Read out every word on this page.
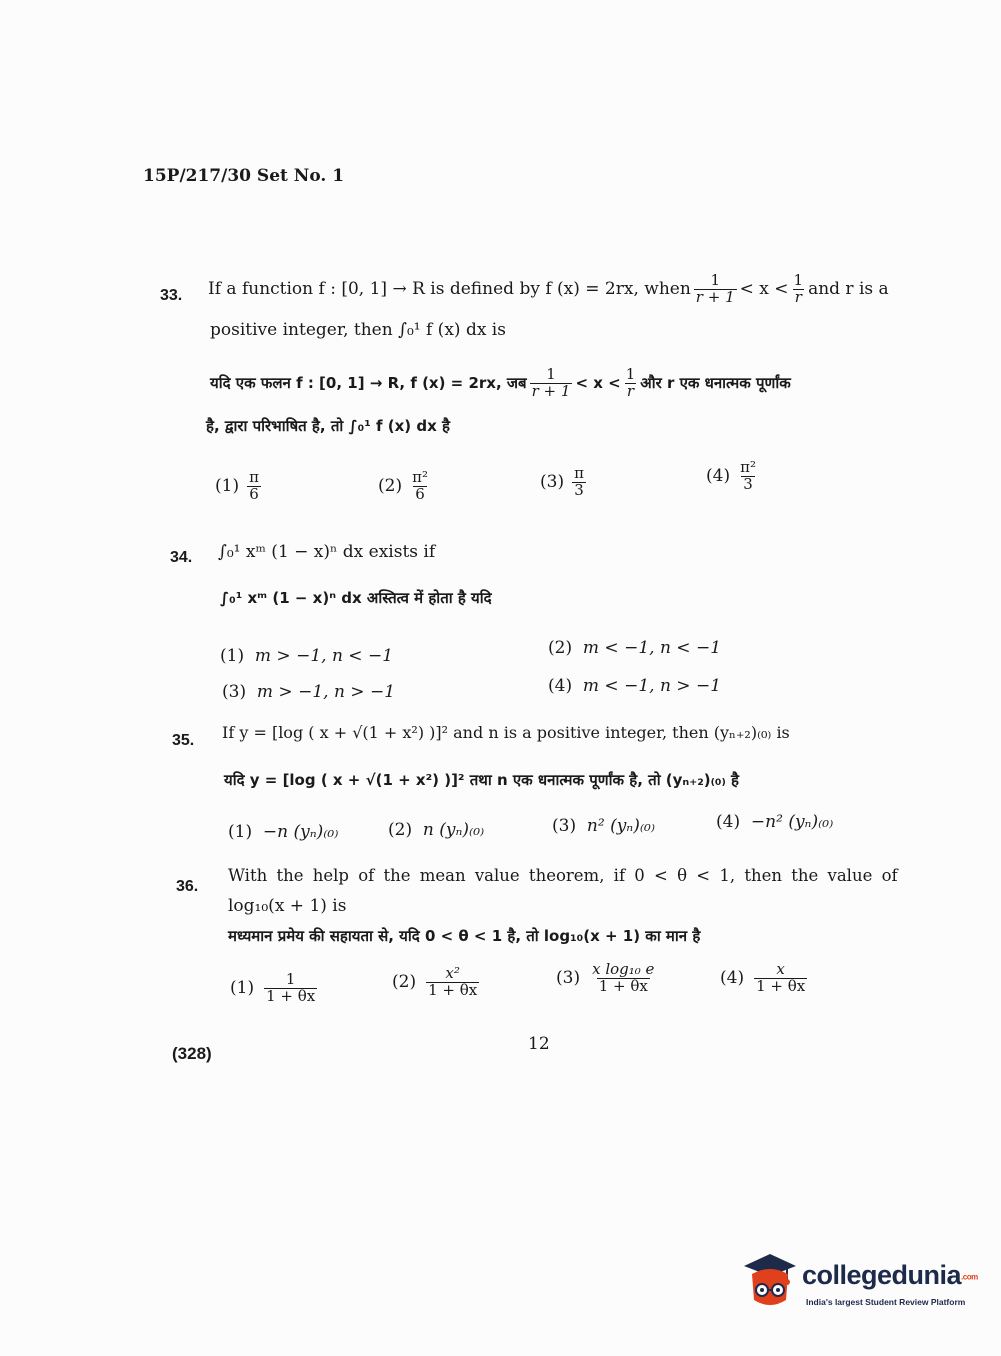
15P/217/30 Set No. 1
33. If a function f : [0, 1] → R is defined by f (x) = 2rx, when $\frac{1}{r + 1} < x < \frac{1}{r}$ and r is a
positive integer, then ∫₀¹ f (x) dx is
यदि एक फलन f : [0, 1] → R, f (x) = 2rx, जब $\frac{1}{r + 1} < x < \frac{1}{r}$ और r एक धनात्मक पूर्णांक
है, द्वारा परिभाषित है, तो ∫₀¹ f (x) dx है
$(1) \frac{\pi}{6}$	$(2) \frac{\text{π²}}{6}$	$(3) \frac{\pi}{3}$	$(4) \frac{\text{π²}}{3}$
34. ∫₀¹ xᵐ (1 − x)ⁿ dx exists if
∫₀¹ xᵐ (1 − x)ⁿ dx अस्तित्व में होता है यदि
(1) m > −1, n < −1	(2) m < −1, n < −1
(3) m > −1, n > −1	(4) m < −1, n > −1
35. If y = [log ( x + √(1 + x²) )]² and n is a positive integer, then (yₙ₊₂)₍₀₎ is
यदि y = [log ( x + √(1 + x²) )]² तथा n एक धनात्मक पूर्णांक है, तो (yₙ₊₂)₍₀₎ है
(1) −n (yₙ)₍₀₎	(2) n (yₙ)₍₀₎	(3) n² (yₙ)₍₀₎	(4) −n² (yₙ)₍₀₎
36.
With the help of the mean value theorem, if 0 < θ < 1, then the value of
log₁₀(x + 1) is
मध्यमान प्रमेय की सहायता से, यदि 0 < θ < 1 है, तो log₁₀(x + 1) का मान है
$(1) \frac{1}{1 + \theta x}$	$(2) \frac{\text{x²}}{1 + \theta x}$	$(3) \frac{\text{x log₁₀ e}}{1 + \theta x}$	$(4) \frac{x}{1 + \theta x}$
(328)	12
collegedunia.com
India's largest Student Review Platform
